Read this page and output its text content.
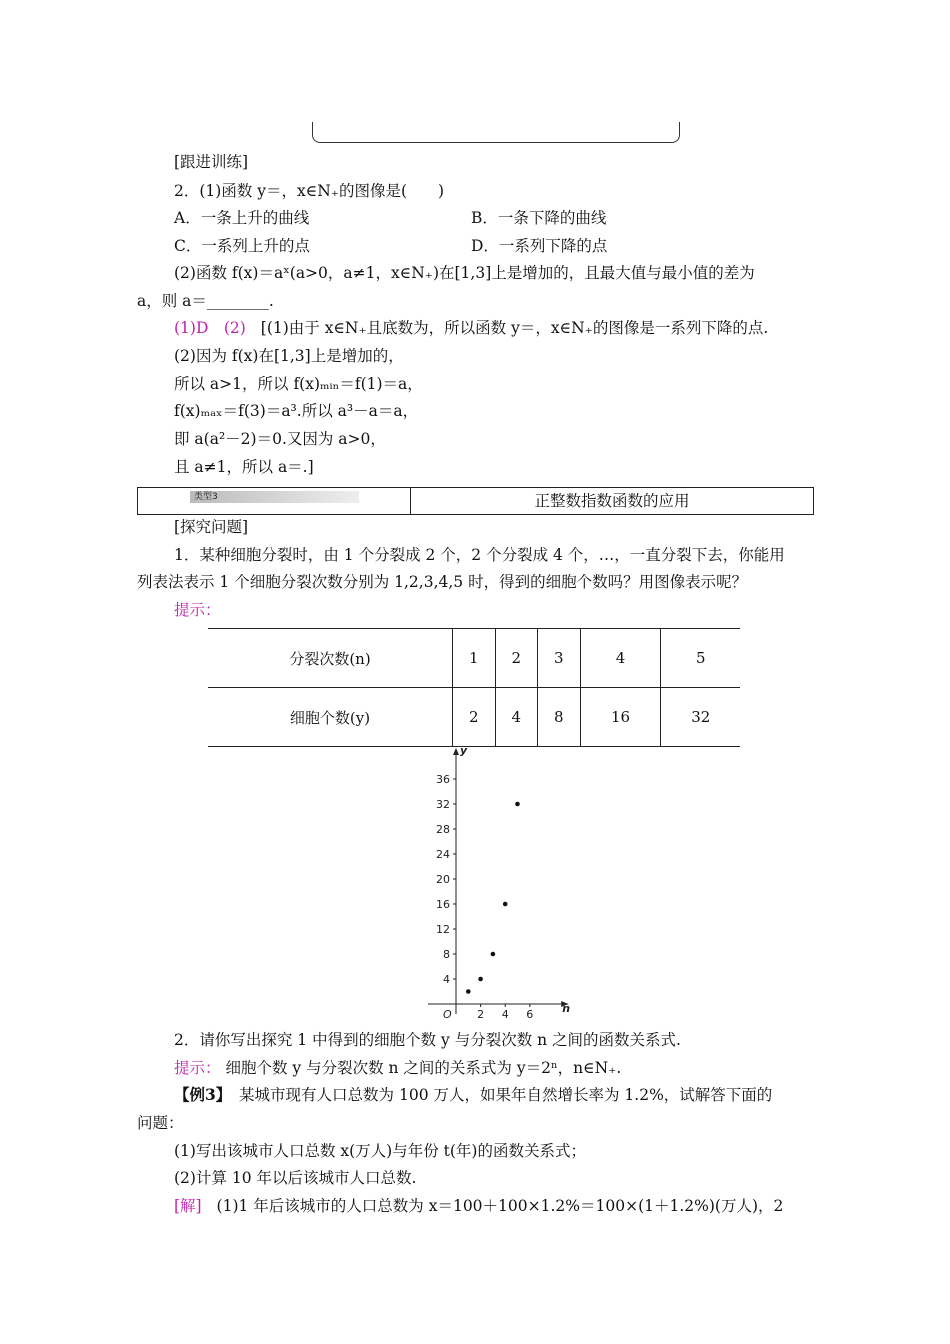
[跟进训练]
2．(1)函数 y＝，x∈N₊的图像是(　　)
A．一条上升的曲线	B．一条下降的曲线
C．一系列上升的点	D．一系列下降的点
(2)函数 f(x)＝aˣ(a>0，a≠1，x∈N₊)在[1,3]上是增加的，且最大值与最小值的差为
a，则 a＝________.
(1)D　(2) [(1)由于 x∈N₊且底数为，所以函数 y＝，x∈N₊的图像是一系列下降的点.
(2)因为 f(x)在[1,3]上是增加的，
所以 a>1，所以 f(x)ₘᵢₙ＝f(1)＝a，
f(x)ₘₐₓ＝f(3)＝a³.所以 a³－a＝a，
即 a(a²－2)＝0.又因为 a>0，
且 a≠1，所以 a＝.]
类型3	正整数指数函数的应用
[探究问题]
1．某种细胞分裂时，由 1 个分裂成 2 个，2 个分裂成 4 个，…，一直分裂下去，你能用
列表法表示 1 个细胞分裂次数分别为 1,2,3,4,5 时，得到的细胞个数吗？用图像表示呢？
提示：
分裂次数(n)	1	2	3	4	5
细胞个数(y)	2	4	8	16	32
n
y
O
4
8
12
16
20
24
28
32
36
2 4 6
2．请你写出探究 1 中得到的细胞个数 y 与分裂次数 n 之间的函数关系式.
提示： 细胞个数 y 与分裂次数 n 之间的关系式为 y＝2ⁿ，n∈N₊.
【例3】　某城市现有人口总数为 100 万人，如果年自然增长率为 1.2%，试解答下面的
问题：
(1)写出该城市人口总数 x(万人)与年份 t(年)的函数关系式；
(2)计算 10 年以后该城市人口总数.
[解] (1)1 年后该城市的人口总数为 x＝100＋100×1.2%＝100×(1＋1.2%)(万人)，2
